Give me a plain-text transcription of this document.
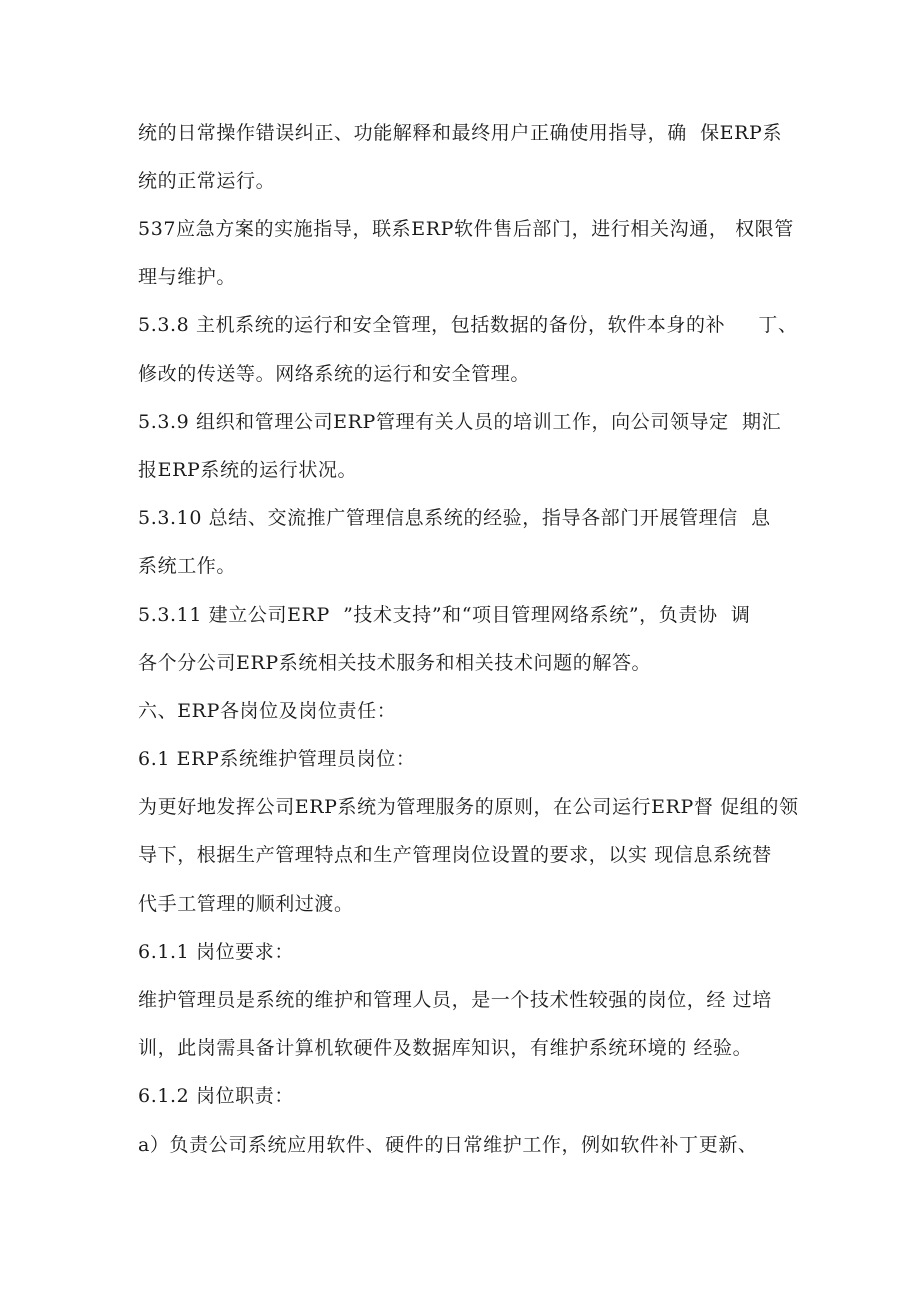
统的日常操作错误纠正、功能解释和最终用户正确使用指导，确  保ERP系
统的正常运行。
537应急方案的实施指导，联系ERP软件售后部门，进行相关沟通， 权限管
理与维护。
5.3.8 主机系统的运行和安全管理，包括数据的备份，软件本身的补     丁、
修改的传送等。网络系统的运行和安全管理。
5.3.9 组织和管理公司ERP管理有关人员的培训工作，向公司领导定  期汇
报ERP系统的运行状况。
5.3.10 总结、交流推广管理信息系统的经验，指导各部门开展管理信  息
系统工作。
5.3.11 建立公司ERP  ”技术支持”和“项目管理网络系统”，负责协  调
各个分公司ERP系统相关技术服务和相关技术问题的解答。
六、ERP各岗位及岗位责任：
6.1 ERP系统维护管理员岗位：
为更好地发挥公司ERP系统为管理服务的原则，在公司运行ERP督 促组的领
导下，根据生产管理特点和生产管理岗位设置的要求，以实 现信息系统替
代手工管理的顺利过渡。
6.1.1 岗位要求：
维护管理员是系统的维护和管理人员，是一个技术性较强的岗位，经 过培
训，此岗需具备计算机软硬件及数据库知识，有维护系统环境的 经验。
6.1.2 岗位职责：
a）负责公司系统应用软件、硬件的日常维护工作，例如软件补丁更新、
